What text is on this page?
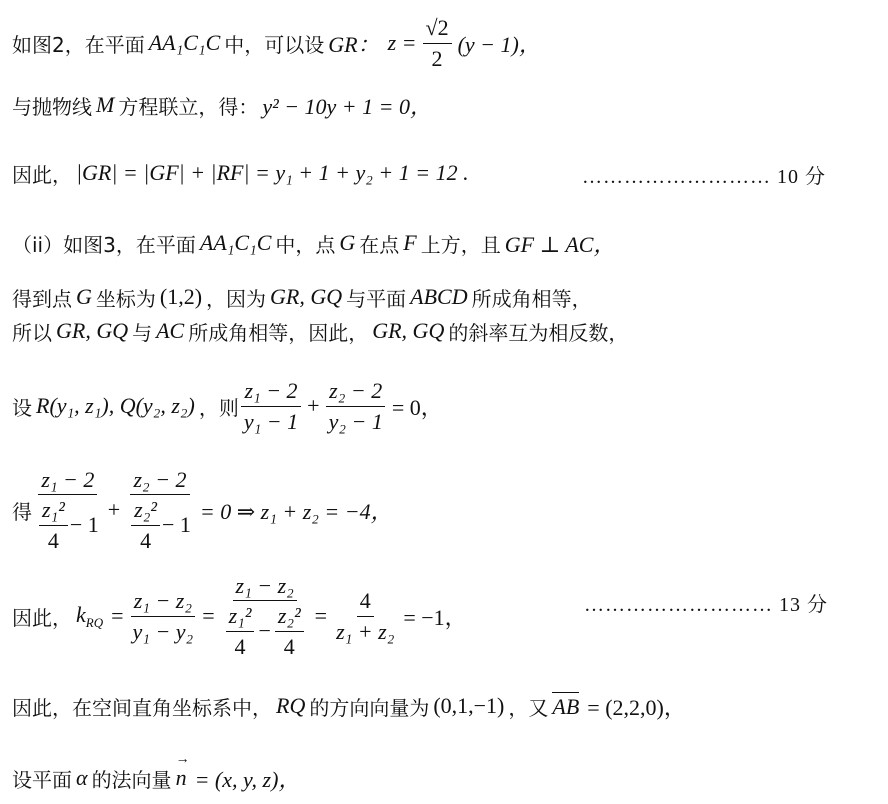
如图2，在平面 AA₁C₁C 中，可以设 GR： $z = \frac{√2}{2} (y - 1)$，
与抛物线 M 方程联立，得： y² − 10y + 1 = 0，
因此， |GR| = |GF| + |RF| = y₁ + 1 + y₂ + 1 = 12 .	……………………… 10 分
（ii）如图3，在平面 AA₁C₁C 中，点 G 在点 F 上方，且 GF ⊥ AC，
得到点 G 坐标为 (1,2) ，因为 GR, GQ 与平面 ABCD 所成角相等，
所以 GR, GQ 与 AC 所成角相等，因此， GR, GQ 的斜率互为相反数，
设 R(y₁, z₁), Q(y₂, z₂) ，则 $\frac{\text{z₁ − 2}}{\text{y₁ − 1}} + \frac{\text{z₂ − 2}}{\text{y₂ − 1}} = 0$，
得 $\frac{\text{z₁ − 2}}{\frac{\text{z₁²}}{4} - 1} + \frac{\text{z₂ − 2}}{\frac{\text{z₂²}}{4} - 1} = 0$ ⇒ z₁ + z₂ = −4，
因此， $k_{RQ} = \frac{\text{z₁ − z₂}}{\text{y₁ − y₂}} = \frac{\text{z₁ − z₂}}{\frac{\text{z₁²}}{4} - \frac{\text{z₂²}}{4}} = \frac{4}{\text{z₁ + z₂}} = -1$，	……………………… 13 分
因此，在空间直角坐标系中， RQ 的方向向量为 (0,1,−1) ，又 AB = (2,2,0)，
设平面 α 的法向量
→ n = (x, y, z)，
